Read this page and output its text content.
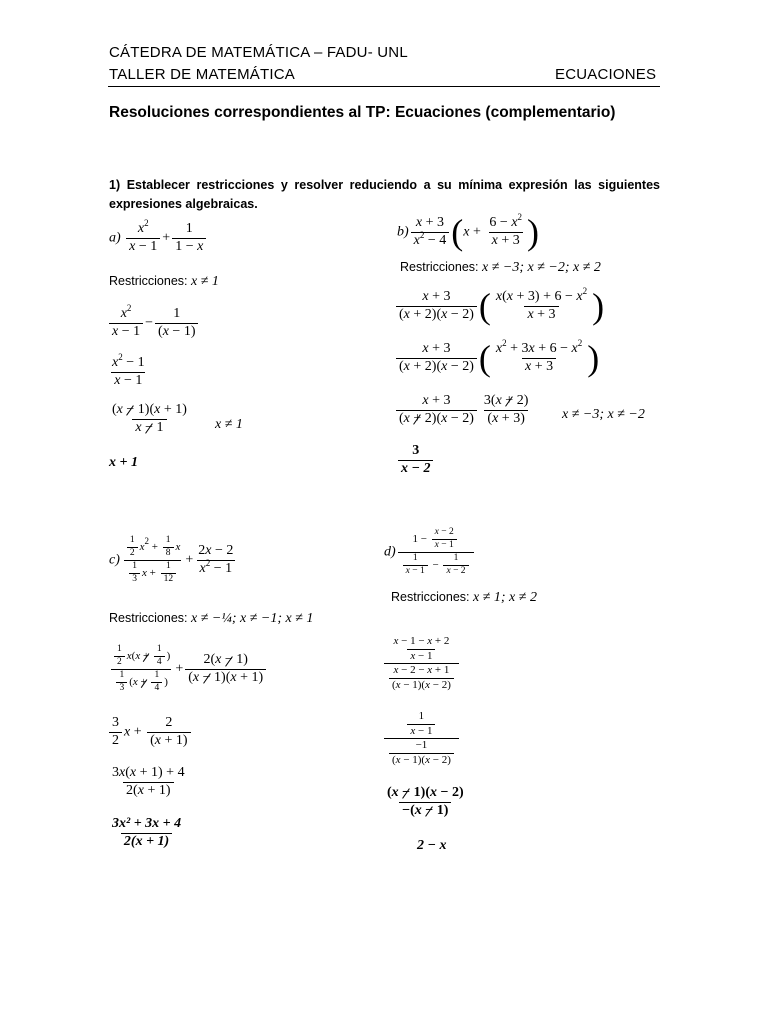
CÁTEDRA DE MATEMÁTICA – FADU- UNL
TALLER DE MATEMÁTICA	ECUACIONES
Resoluciones correspondientes al TP: Ecuaciones (complementario)
1) Establecer restricciones y resolver reduciendo a su mínima expresión las siguientes expresiones algebraicas.
$a) \frac{x^2}{x - 1} + \frac{1}{1 - x}$
Restricciones: x ≠ 1
$\frac{x^2}{x - 1} - \frac{1}{(x - 1)}$
$\frac{x^2 - 1}{x - 1}$
$\frac{(x - 1)(x + 1)}{x - 1}$ x ≠ 1
x + 1
$b) \frac{x + 3}{x^2 - 4} (x + \frac{6 - x^2}{x + 3}$ )
Restricciones: x ≠ −3; x ≠ −2; x ≠ 2
$\frac{x + 3}{(x + 2)(x - 2)}$ ( $\frac{x(x + 3) + 6 - x^2}{x + 3}$ )
$\frac{x + 3}{(x + 2)(x - 2)}$ ( $\frac{x^2 + 3x + 6 - x^2}{x + 3}$ )
$\frac{x + 3}{(x + 2)(x - 2)} \frac{3(x + 2)}{(x + 3)}$ x ≠ −3; x ≠ −2
$\frac{3}{x - 2}$
$c) \frac{\frac{1}{2} x^2 + \frac{1}{8} x}{\frac{1}{3} x + \frac{1}{12}} + \frac{2x - 2}{x^2 - 1}$
Restricciones: x ≠ −¼; x ≠ −1; x ≠ 1
$\frac{\frac{1}{2} x(x + \frac{1}{4} )}{\frac{1}{3} (x + \frac{1}{4} )} + \frac{2(x - 1)}{(x - 1)(x + 1)}$
$\frac{3}{2}$ $x + \frac{2}{(x + 1)}$
$\frac{3x(x + 1) + 4}{2(x + 1)}$
$\frac{\text{3x² + 3x + 4}}{2(x + 1)}$
$d) \frac{1 - \frac{x - 2}{x - 1}}{\frac{1}{x - 1} - \frac{1}{x - 2}}$
Restricciones: x ≠ 1; x ≠ 2
$\frac{\frac{x - 1 - x + 2}{x - 1}}{\frac{x - 2 - x + 1}{(x - 1)(x - 2)}}$
$\frac{\frac{1}{x - 1}}{\frac{-1}{(x - 1)(x - 2)}}$
$\frac{(x - 1)(x - 2)}{-(x - 1)}$
2 − x
